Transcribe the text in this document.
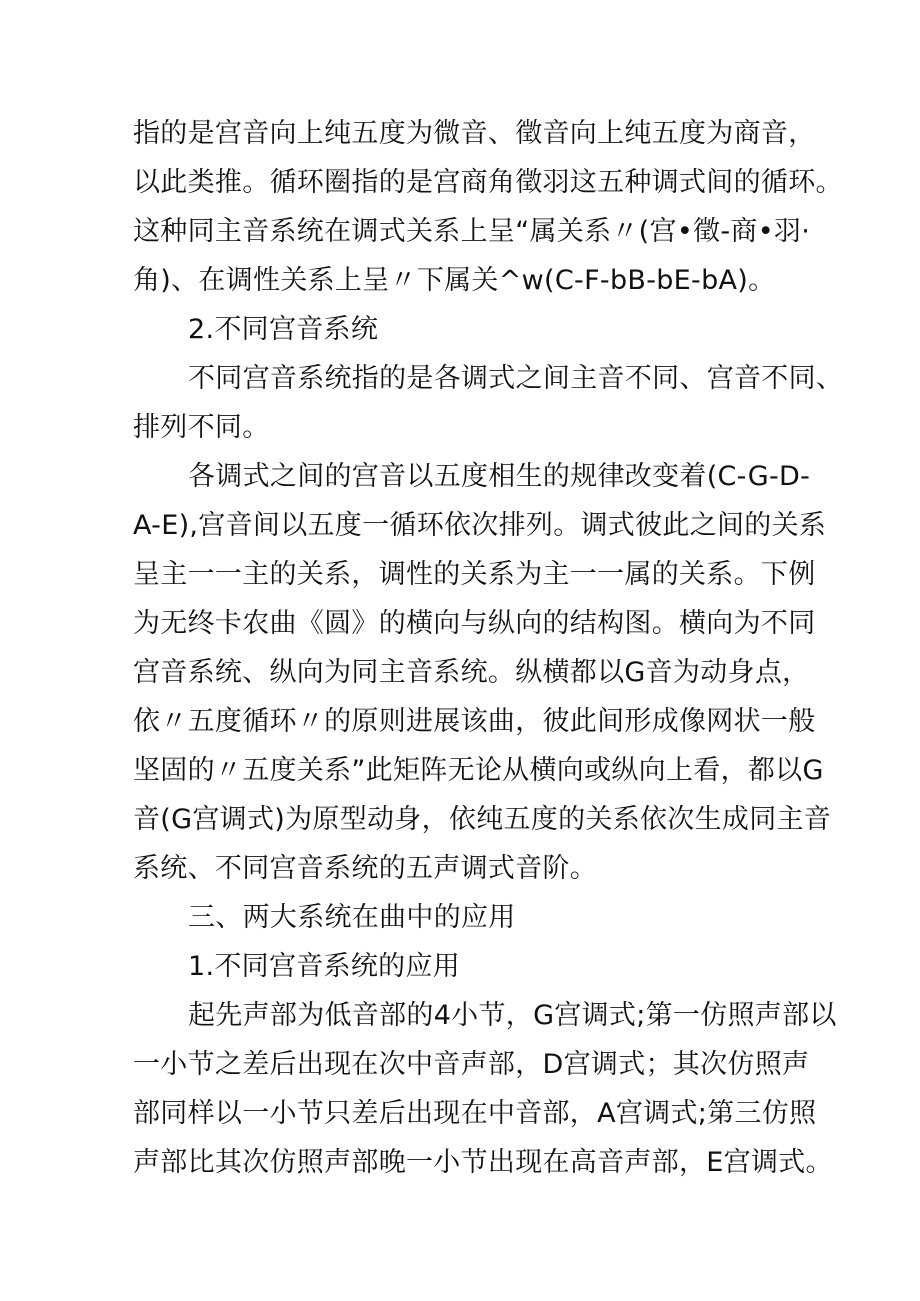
指的是宫音向上纯五度为微音、徵音向上纯五度为商音，
以此类推。循环圈指的是宫商角徵羽这五种调式间的循环。
这种同主音系统在调式关系上呈“属关系〃(宫•徵-商•羽·
角)、在调性关系上呈〃下属关^w(C-F-bB-bE-bA)。
2.不同宫音系统
不同宫音系统指的是各调式之间主音不同、宫音不同、
排列不同。
各调式之间的宫音以五度相生的规律改变着(C-G-D-
A-E),宫音间以五度一循环依次排列。调式彼此之间的关系
呈主一一主的关系，调性的关系为主一一属的关系。下例
为无终卡农曲《圆》的横向与纵向的结构图。横向为不同
宫音系统、纵向为同主音系统。纵横都以G音为动身点，
依〃五度循环〃的原则进展该曲，彼此间形成像网状一般
坚固的〃五度关系”此矩阵无论从横向或纵向上看，都以G
音(G宫调式)为原型动身，依纯五度的关系依次生成同主音
系统、不同宫音系统的五声调式音阶。
三、两大系统在曲中的应用
1.不同宫音系统的应用
起先声部为低音部的4小节，G宫调式;第一仿照声部以
一小节之差后出现在次中音声部，D宫调式；其次仿照声
部同样以一小节只差后出现在中音部，A宫调式;第三仿照
声部比其次仿照声部晚一小节出现在高音声部，E宫调式。
